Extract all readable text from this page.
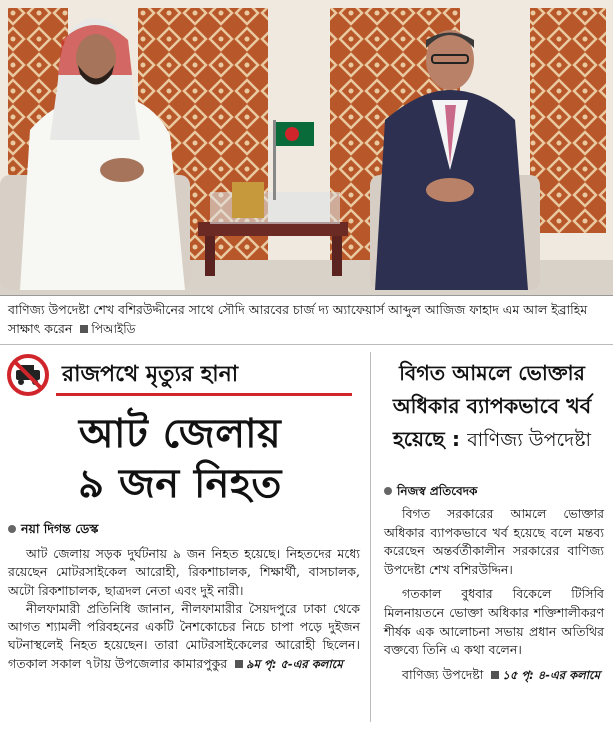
বাণিজ্য উপদেষ্টা শেখ বশিরউদ্দীনের সাথে সৌদি আরবের চার্জ দ্য অ্যাফেয়ার্স আব্দুল আজিজ ফাহাদ এম আল ইব্রাহিম সাক্ষাৎ করেন পিআইডি
রাজপথে মৃত্যুর হানা
আট জেলায়
৯ জন নিহত
নয়া দিগন্ত ডেস্ক

আট জেলায় সড়ক দুর্ঘটনায় ৯ জন নিহত হয়েছে। নিহতদের মধ্যে রয়েছেন মোটরসাইকেল আরোহী, রিকশাচালক, শিক্ষার্থী, বাসচালক, অটো রিকশাচালক, ছাত্রদল নেতা এবং দুই নারী।

নীলফামারী প্রতিনিধি জানান, নীলফামারীর সৈয়দপুরে ঢাকা থেকে আগত শ্যামলী পরিবহনের একটি নৈশকোচের নিচে চাপা পড়ে দুইজন ঘটনাস্থলেই নিহত হয়েছেন। তারা মোটরসাইকেলের আরোহী ছিলেন। গতকাল সকাল ৭টায় উপজেলার কামারপুকুর ৯ম পৃ: ৫-এর কলামে

বিগত আমলে ভোক্তার
অধিকার ব্যাপকভাবে খর্ব
হয়েছে : বাণিজ্য উপদেষ্টা
নিজস্ব প্রতিবেদক

বিগত সরকারের আমলে ভোক্তার অধিকার ব্যাপকভাবে খর্ব হয়েছে বলে মন্তব্য করেছেন অন্তর্বর্তীকালীন সরকারের বাণিজ্য উপদেষ্টা শেখ বশিরউদ্দিন।

গতকাল বুধবার বিকেলে টিসিবি মিলনায়তনে ভোক্তা অধিকার শক্তিশালীকরণ শীর্ষক এক আলোচনা সভায় প্রধান অতিথির বক্তব্যে তিনি এ কথা বলেন।

বাণিজ্য উপদেষ্টা ১৫ পৃ: ৪-এর কলামে
